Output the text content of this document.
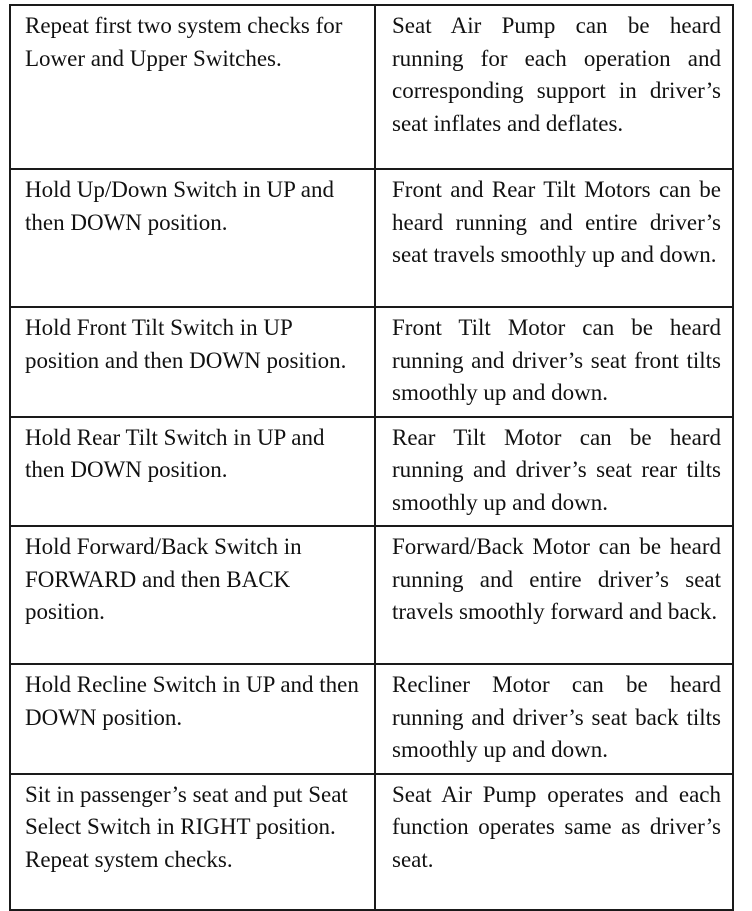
Repeat first two system checks for Lower and Upper Switches.	Seat Air Pump can be heard running for each operation and corresponding support in driver’s seat inflates and deflates.
Hold Up/Down Switch in UP and then DOWN position.	Front and Rear Tilt Motors can be heard running and entire driver’s seat travels smoothly up and down.
Hold Front Tilt Switch in UP position and then DOWN position.	Front Tilt Motor can be heard running and driver’s seat front tilts smoothly up and down.
Hold Rear Tilt Switch in UP and then DOWN position.	Rear Tilt Motor can be heard running and driver’s seat rear tilts smoothly up and down.
Hold Forward/Back Switch in FORWARD and then BACK position.	Forward/Back Motor can be heard running and entire driver’s seat travels smoothly forward and back.
Hold Recline Switch in UP and then DOWN position.	Recliner Motor can be heard running and driver’s seat back tilts smoothly up and down.
Sit in passenger’s seat and put Seat Select Switch in RIGHT position. Repeat system checks.	Seat Air Pump operates and each function operates same as driver’s seat.
